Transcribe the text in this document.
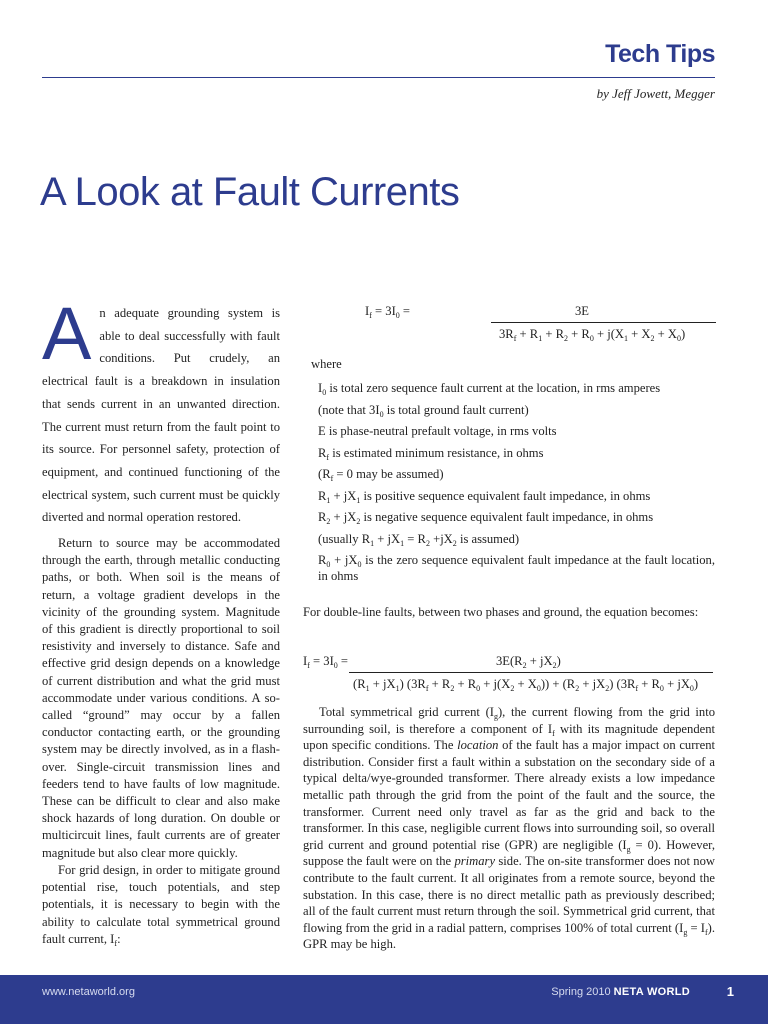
Tech Tips
by Jeff Jowett, Megger
A Look at Fault Currents

An adequate grounding system is able to deal successfully with fault conditions. Put crudely, an electrical fault is a breakdown in insulation that sends current in an unwanted direction. The current must return from the fault point to its source. For personnel safety, protection of equipment, and continued functioning of the electrical system, such current must be quickly diverted and normal operation restored.

Return to source may be accommodated through the earth, through metallic conducting paths, or both. When soil is the means of return, a voltage gradient develops in the vicinity of the grounding system. Magnitude of this gradient is directly proportional to soil resistivity and inversely to distance. Safe and effective grid design depends on a knowledge of current distribution and what the grid must accommodate under various conditions. A so-called “ground” may occur by a fallen conductor contacting earth, or the grounding system may be directly involved, as in a flash-over. Single-circuit transmission lines and feeders tend to have faults of low magnitude. These can be difficult to clear and also make shock hazards of long duration. On double or multicircuit lines, fault currents are of greater magnitude but also clear more quickly.

For grid design, in order to mitigate ground potential rise, touch potentials, and step potentials, it is necessary to begin with the ability to calculate total symmetrical ground fault current, $I_f$:

$I_f = 3I_0$ =	3E
$3R_f + R_1 + R_2 + R_0 + j(X_1 + X_2 + X_0)$
where
$I_0$ is total zero sequence fault current at the location, in rms amperes
(note that $3I_0$ is total ground fault current)
E is phase-neutral prefault voltage, in rms volts
$R_f$ is estimated minimum resistance, in ohms
($R_f = 0$ may be assumed)
$R_1 + jX_1$ is positive sequence equivalent fault impedance, in ohms
$R_2 + jX_2$ is negative sequence equivalent fault impedance, in ohms
(usually $R_1 + jX_1 = R_2 +jX_2$ is assumed)
$R_0 + jX_0$ is the zero sequence equivalent fault impedance at the fault location, in ohms
For double-line faults, between two phases and ground, the equation becomes:
$I_f = 3I_0$ =	$3E(R_2 + jX_2)$
$(R_1 + jX_1) (3R_f + R_2 + R_0 + j(X_2 + X_0)) + (R_2 + jX_2) (3R_f + R_0 + jX_0)$
Total symmetrical grid current $(I_g)$, the current flowing from the grid into surrounding soil, is therefore a component of $I_f$ with its magnitude dependent upon specific conditions. The location of the fault has a major impact on current distribution. Consider first a fault within a substation on the secondary side of a typical delta/wye-grounded transformer. There already exists a low impedance metallic path through the grid from the point of the fault and the source, the transformer. Current need only travel as far as the grid and back to the transformer. In this case, negligible current flows into surrounding soil, so overall grid current and ground potential rise (GPR) are negligible $(I_g = 0)$. However, suppose the fault were on the primary side. The on-site transformer does not now contribute to the fault current. It all originates from a remote source, beyond the substation. In this case, there is no direct metallic path as previously described; all of the fault current must return through the soil. Symmetrical grid current, that flowing from the grid in a radial pattern, comprises 100% of total current $(I_g = I_f)$. GPR may be high.
www.netaworld.org	Spring 2010 NETA WORLD	1
